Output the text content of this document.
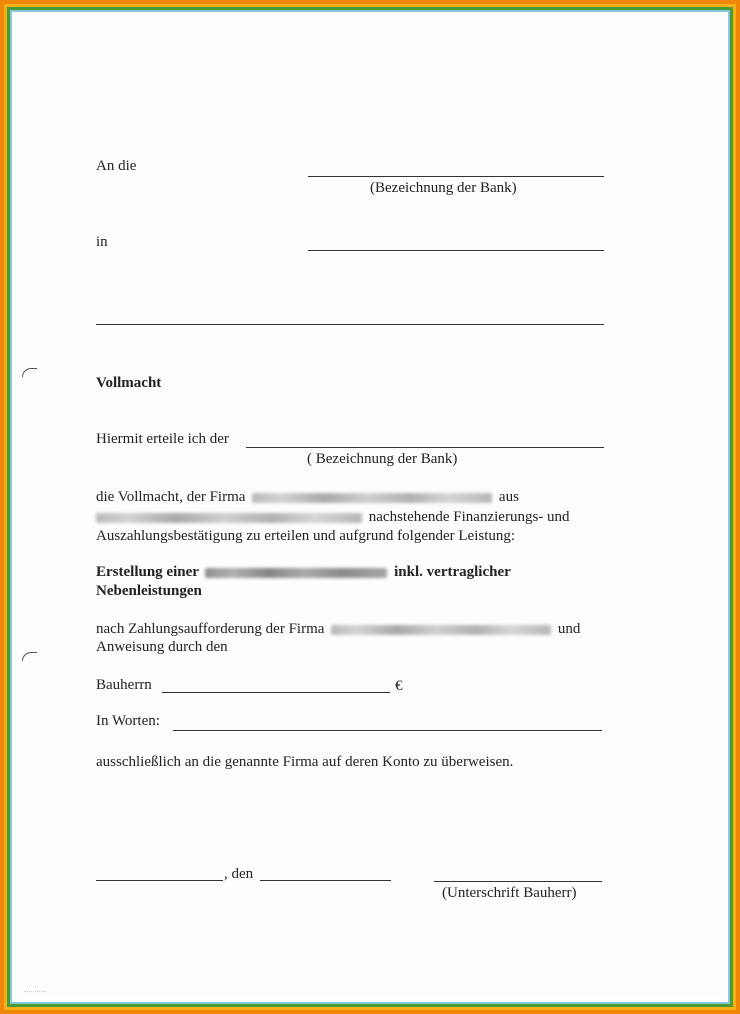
An die
(Bezeichnung der Bank)
in
Vollmacht
Hiermit erteile ich der
( Bezeichnung der Bank)
die Vollmacht, der Firma	aus
nachstehende Finanzierungs- und
Auszahlungsbestätigung zu erteilen und aufgrund folgender Leistung:
Erstellung einer	inkl. vertraglicher
Nebenleistungen
nach Zahlungsaufforderung der Firma	und
Anweisung durch den
Bauherrn	€
In Worten:
ausschließlich an die genannte Firma auf deren Konto zu überweisen.
, den
(Unterschrift Bauherr)
